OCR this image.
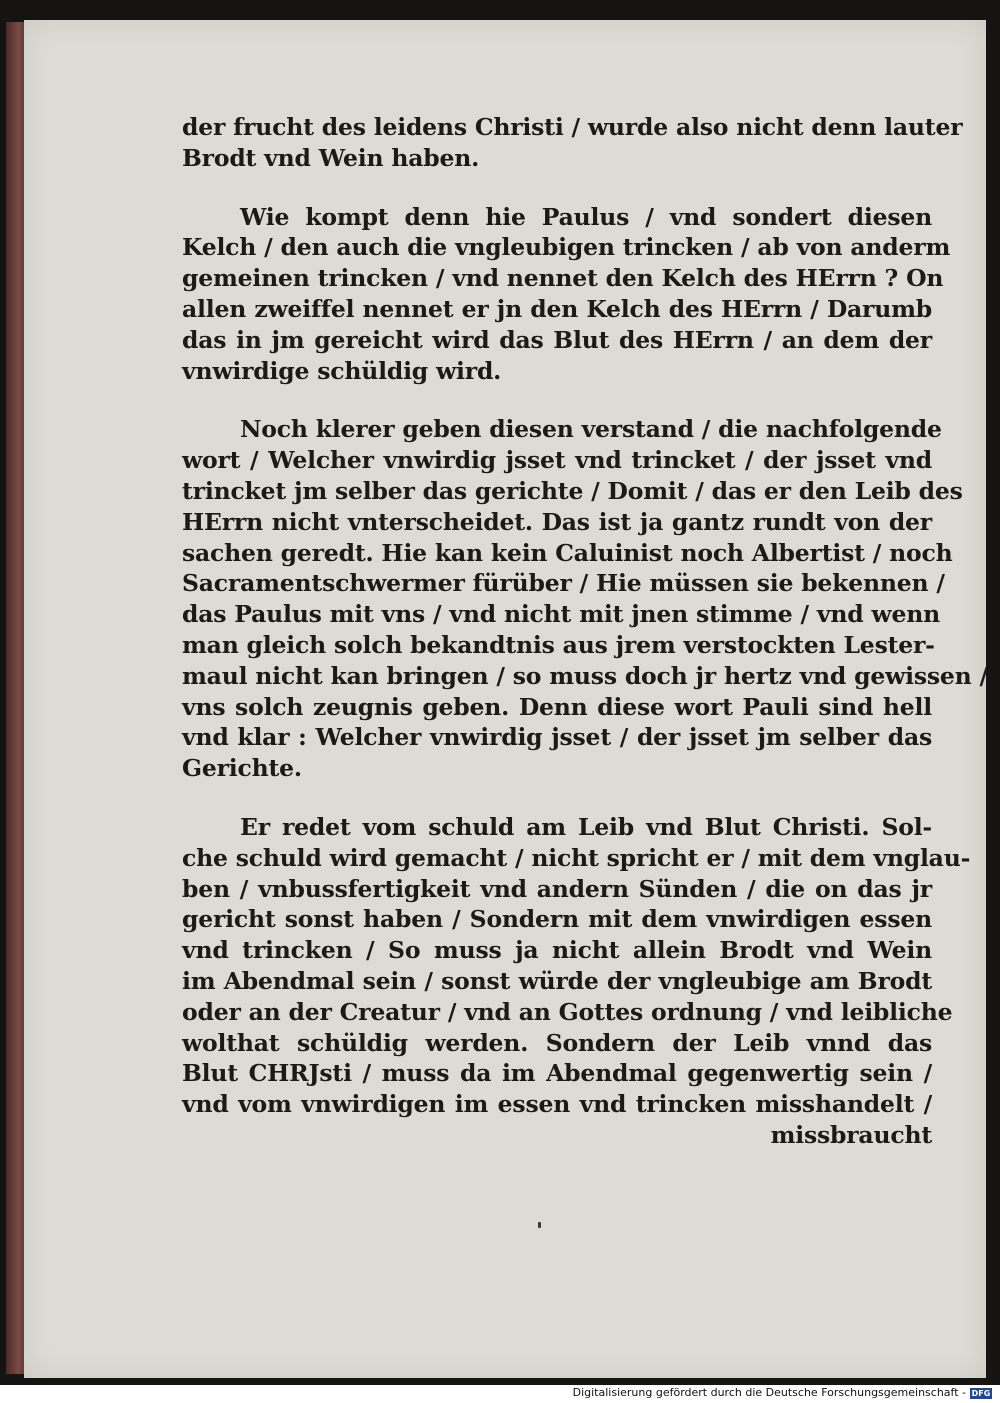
der frucht des leidens Christi / wurde also nicht denn lauter
Brodt vnd Wein haben.
Wie kompt denn hie Paulus / vnd sondert diesen
Kelch / den auch die vngleubigen trincken / ab von anderm
gemeinen trincken / vnd nennet den Kelch des HErrn ? On
allen zweiffel nennet er jn den Kelch des HErrn / Darumb
das in jm gereicht wird das Blut des HErrn / an dem der
vnwirdige schüldig wird.
Noch klerer geben diesen verstand / die nachfolgende
wort / Welcher vnwirdig jsset vnd trincket / der jsset vnd
trincket jm selber das gerichte / Domit / das er den Leib des
HErrn nicht vnterscheidet. Das ist ja gantz rundt von der
sachen geredt. Hie kan kein Caluinist noch Albertist / noch
Sacramentschwermer fürüber / Hie müssen sie bekennen /
das Paulus mit vns / vnd nicht mit jnen stimme / vnd wenn
man gleich solch bekandtnis aus jrem verstockten Lester-
maul nicht kan bringen / so muss doch jr hertz vnd gewissen /
vns solch zeugnis geben. Denn diese wort Pauli sind hell
vnd klar : Welcher vnwirdig jsset / der jsset jm selber das
Gerichte.
Er redet vom schuld am Leib vnd Blut Christi. Sol-
che schuld wird gemacht / nicht spricht er / mit dem vnglau-
ben / vnbussfertigkeit vnd andern Sünden / die on das jr
gericht sonst haben / Sondern mit dem vnwirdigen essen
vnd trincken / So muss ja nicht allein Brodt vnd Wein
im Abendmal sein / sonst würde der vngleubige am Brodt
oder an der Creatur / vnd an Gottes ordnung / vnd leibliche
wolthat schüldig werden. Sondern der Leib vnnd das
Blut CHRJsti / muss da im Abendmal gegenwertig sein /
vnd vom vnwirdigen im essen vnd trincken misshandelt /
missbraucht
Digitalisierung gefördert durch die Deutsche Forschungsgemeinschaft - DFG
